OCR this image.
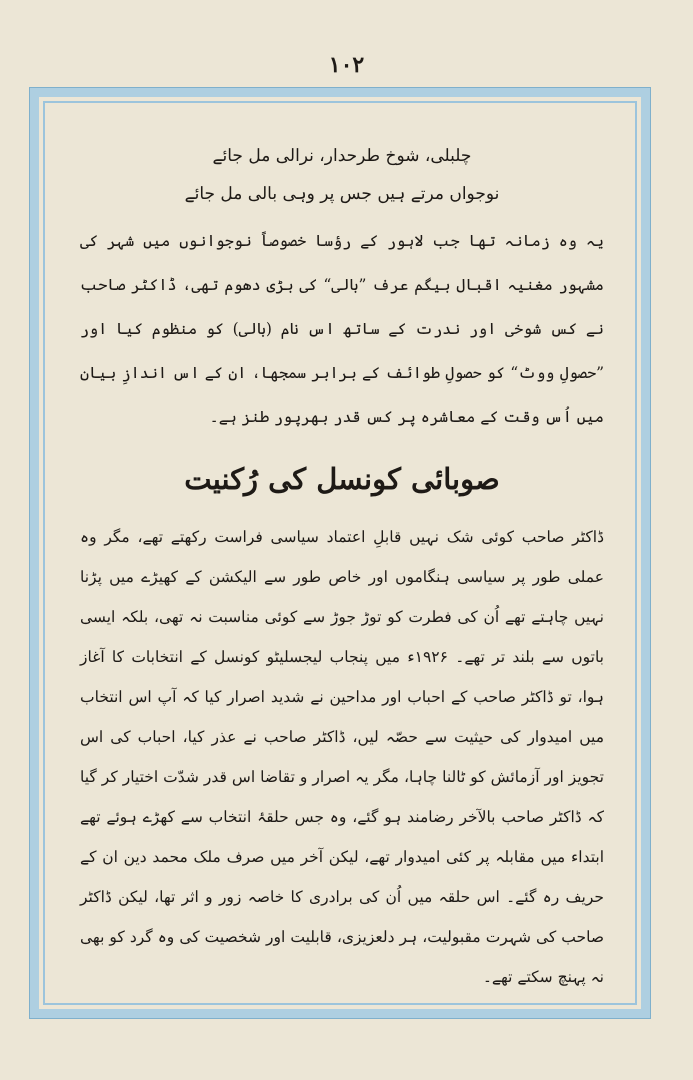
۱۰۲

چلبلی، شوخ طرحدار، نرالی مل جائے

نوجواں مرتے ہیں جس پر وہی بالی مل جائے

یہ وہ زمانہ تھا جب لاہور کے رؤسا خصوصاً نوجوانوں میں شہر کی مشہور مغنیہ اقبال بیگم عرف ”بالی“ کی بڑی دھوم تھی، ڈاکٹر صاحب نے کس شوخی اور ندرت کے ساتھ اس نام (بالی) کو منظوم کیا اور ”حصولِ ووٹ“ کو حصولِ طوائف کے برابر سمجھا، ان کے اس اندازِ بیان میں اُس وقت کے معاشرہ پر کس قدر بھرپور طنز ہے۔

صوبائی کونسل کی رُکنیت

ڈاکٹر صاحب کوئی شک نہیں قابلِ اعتماد سیاسی فراست رکھتے تھے، مگر وہ عملی طور پر سیاسی ہنگاموں اور خاص طور سے الیکشن کے کھیڑے میں پڑنا نہیں چاہتے تھے اُن کی فطرت کو توڑ جوڑ سے کوئی مناسبت نہ تھی، بلکہ ایسی باتوں سے بلند تر تھے۔ ۱۹۲۶ء میں پنجاب لیجسلیٹو کونسل کے انتخابات کا آغاز ہوا، تو ڈاکٹر صاحب کے احباب اور مداحین نے شدید اصرار کیا کہ آپ اس انتخاب میں امیدوار کی حیثیت سے حصّہ لیں، ڈاکٹر صاحب نے عذر کیا، احباب کی اس تجویز اور آزمائش کو ٹالنا چاہا، مگر یہ اصرار و تقاضا اس قدر شدّت اختیار کر گیا کہ ڈاکٹر صاحب بالآخر رضامند ہو گئے، وہ جس حلقۂ انتخاب سے کھڑے ہوئے تھے ابتداء میں مقابلہ پر کئی امیدوار تھے، لیکن آخر میں صرف ملک محمد دین ان کے حریف رہ گئے۔ اس حلقہ میں اُن کی برادری کا خاصہ زور و اثر تھا، لیکن ڈاکٹر صاحب کی شہرت مقبولیت، ہر دلعزیزی، قابلیت اور شخصیت کی وہ گرد کو بھی نہ پہنچ سکتے تھے۔
